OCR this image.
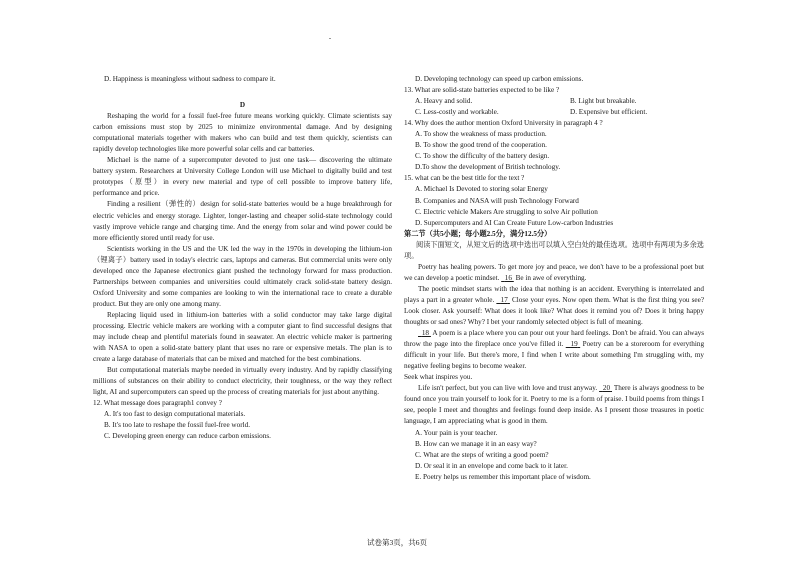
D. Happiness is meaningless without sadness to compare it.

D

Reshaping the world for a fossil fuel-free future means working quickly. Climate scientists say carbon emissions must stop by 2025 to minimize environmental damage. And by designing computational materials together with makers who can build and test them quickly, scientists can rapidly develop technologies like more powerful solar cells and car batteries.

Michael is the name of a supercomputer devoted to just one task— discovering the ultimate battery system. Researchers at University College London will use Michael to digitally build and test prototypes（原型）in every new material and type of cell possible to improve battery life, performance and price.

Finding a resilient（弹性的）design for solid-state batteries would be a huge breakthrough for electric vehicles and energy storage. Lighter, longer-lasting and cheaper solid-state technology could vastly improve vehicle range and charging time. And the energy from solar and wind power could be more efficiently stored until ready for use.

Scientists working in the US and the UK led the way in the 1970s in developing the lithium-ion（锂离子）battery used in today's electric cars, laptops and cameras. But commercial units were only developed once the Japanese electronics giant pushed the technology forward for mass production. Partnerships between companies and universities could ultimately crack solid-state battery design. Oxford University and some companies are looking to win the international race to create a durable product. But they are only one among many.

Replacing liquid used in lithium-ion batteries with a solid conductor may take large digital processing. Electric vehicle makers are working with a computer giant to find successful designs that may include cheap and plentiful materials found in seawater. An electric vehicle maker is partnering with NASA to open a solid-state battery plant that uses no rare or expensive metals. The plan is to create a large database of materials that can be mixed and matched for the best combinations.

But computational materials maybe needed in virtually every industry. And by rapidly classifying millions of substances on their ability to conduct electricity, their toughness, or the way they reflect light, AI and supercomputers can speed up the process of creating materials for just about anything.

12. What message does paragraph1 convey ?

A. It's too fast to design computational materials.

B. It's too late to reshape the fossil fuel-free world.

C. Developing green energy can reduce carbon emissions.

D. Developing technology can speed up carbon emissions.

13. What are solid-state batteries expected to be like ?

A. Heavy and solid.	B. Light but breakable.
C. Less-costly and workable.	D. Expensive but efficient.

14. Why does the author mention Oxford University in paragraph 4 ?

A. To show the weakness of mass production.

B. To show the good trend of the cooperation.

C. To show the difficulty of the battery design.

D.To show the development of British technology.

15. what can be the best title for the text ?

A. Michael Is Devoted to storing solar Energy

B. Companies and NASA will push Technology Forward

C. Electric vehicle Makers Are struggling to solve Air pollution

D. Supercomputers and AI Can Create Future Low-carbon Industries

第二节（共5小题；每小题2.5分，满分12.5分）

阅读下面短文，从短文后的选项中选出可以填入空白处的最佳选项。选项中有两项为多余选项。

Poetry has healing powers. To get more joy and peace, we don't have to be a professional poet but we can develop a poetic mindset. 16 Be in awe of everything.

The poetic mindset starts with the idea that nothing is an accident. Everything is interrelated and plays a part in a greater whole. 17 Close your eyes. Now open them. What is the first thing you see? Look closer. Ask yourself: What does it look like? What does it remind you of? Does it bring happy thoughts or sad ones? Why? I bet your randomly selected object is full of meaning.

18 A poem is a place where you can pour out your hard feelings. Don't be afraid. You can always throw the page into the fireplace once you've filled it. 19 Poetry can be a storeroom for everything difficult in your life. But there's more, I find when I write about something I'm struggling with, my negative feeling begins to become weaker.

Seek what inspires you.

Life isn't perfect, but you can live with love and trust anyway. 20 There is always goodness to be found once you train yourself to look for it. Poetry to me is a form of praise. I build poems from things I see, people I meet and thoughts and feelings found deep inside. As I present those treasures in poetic language, I am appreciating what is good in them.

A. Your pain is your teacher.

B. How can we manage it in an easy way?

C. What are the steps of writing a good poem?

D. Or seal it in an envelope and come back to it later.

E. Poetry helps us remember this important place of wisdom.

试卷第3页，共6页
